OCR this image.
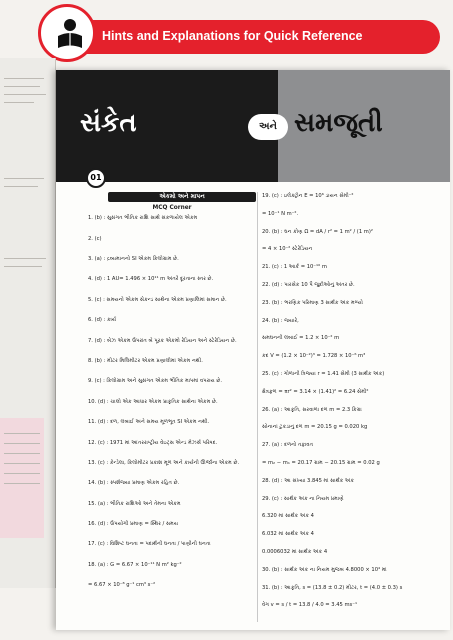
Hints and Explanations for Quick Reference
સંકેત	અને સમજૂતી
01
એકમો અને માપન
MCQ Corner
1. (b) : સુસંગત ભૌતિક રાશિ સાથે સંકળાયેલ એકમ
2. (c)
3. (a) : દ્રવ્યમાનનો SI એકમ કિલોગ્રામ છે.
4. (d) : 1 AU= 1.496 × 10¹¹ m અંતરે દૂરતાના સ્તર છે.
5. (c) : સમયનો એકમ સેકન્ડ સાથેના એકમ પ્રણાલિમાં સમાન છે.
6. (d) : કાર્ય
7. (d) : બેઝ એકમ ઉપરાંત બે પૂરક એકમો રેડિયન અને સ્ટેરેડિયન છે.
8. (b) : મીટર મિલિમીટર એકમ પ્રણાલીમાં એકમ નથી.
9. (c) : કિલોગ્રામ અને સુસંગત એકમ ભૌતિક માપમાં વપરાય છે.
10. (d) : ચાલો એક આધાર એકમ પ્રાકૃતિક સાથેના એકમ છે.
11. (d) : દળ, લંબાઈ અને સમય મૂળભૂત SI એકમ નથી.
12. (c) : 1971 માં આંતરરાષ્ટ્રીય વેઇટ્સ એન્ડ મેઝર્સ પરિષદ.
13. (c) : કેન્ડેલા, કિલોમીટર પ્રકાશ મૂળ અને કાર્યની ઊર્જાના એકમ છે.
14. (b) : સ્પર્શજ્યા પ્રમાણ એકમ રહિત છે.
15. (a) : ભૌતિક રાશિઓ અને તેમના એકમ
16. (d) : ઉપયોગી પ્રમાણ = સ્થિર / સમય
17. (c) : વિશિષ્ટ ઘનતા = પદાર્થની ઘનતા / પાણીની ઘનતા
18. (a) : G = 6.67 × 10⁻¹¹ N m² kg⁻²
= 6.67 × 10⁻⁸ g⁻¹ cm³ s⁻²
19. (c) : ઇલેક્ટ્રોન E = 10⁶ ડાયન સેમી⁻²
= 10⁻¹ N m⁻².
20. (b) : ઘન કોણ Ω = dA / r² = 1 m² / (1 m)²
= 4 × 10⁻² સ્ટેરેડિયન
21. (c) : 1 આર્ક = 10⁻¹⁰ m
22. (d) : પારસેક 10 પૈ જુદીઓનું અંતર છે.
23. (b) : ભરણિક પરિમાણ 3 સાર્થક અંક મળ્યો
24. (b) : જ્યારે,
સમઘનની લંબાઈ = 1.2 × 10⁻² m
કદ V = (1.2 × 10⁻²)³ = 1.728 × 10⁻⁶ m³
25. (c) : ગોળાની ત્રિજ્યા r = 1.41 સેમી (3 સાર્થક અંક)
ક્ષેત્રફળ = πr² = 3.14 × (1.41)² = 6.24 સેમી²
26. (a) : આકૃતિ, સરવાળા દળ m = 2.3 કિગ્રા
સોનાનાં ટુકડાનું દળ m = 20.15 g = 0.020 kg
27. (a) : દળનો તફાવત
= m₂ − m₁ = 20.17 ગ્રામ − 20.15 ગ્રામ = 0.02 g
28. (d) : આ સંખ્યા 3.845 માં સાર્થક અંક
29. (c) : સાર્થક અંક ના નિયમ પ્રમાણે
6.320 માં સાર્થક અંક 4
6.032 માં સાર્થક અંક 4
0.0006032 માં સાર્થક અંક 4
30. (b) : સાર્થક અંક ના નિયમ મુજબ 4.8000 × 10⁴ માં
31. (b) : આકૃતિ, s = (13.8 ± 0.2) મીટર, t = (4.0 ± 0.3) s
વેગ v = s / t = 13.8 / 4.0 = 3.45 ms⁻¹
